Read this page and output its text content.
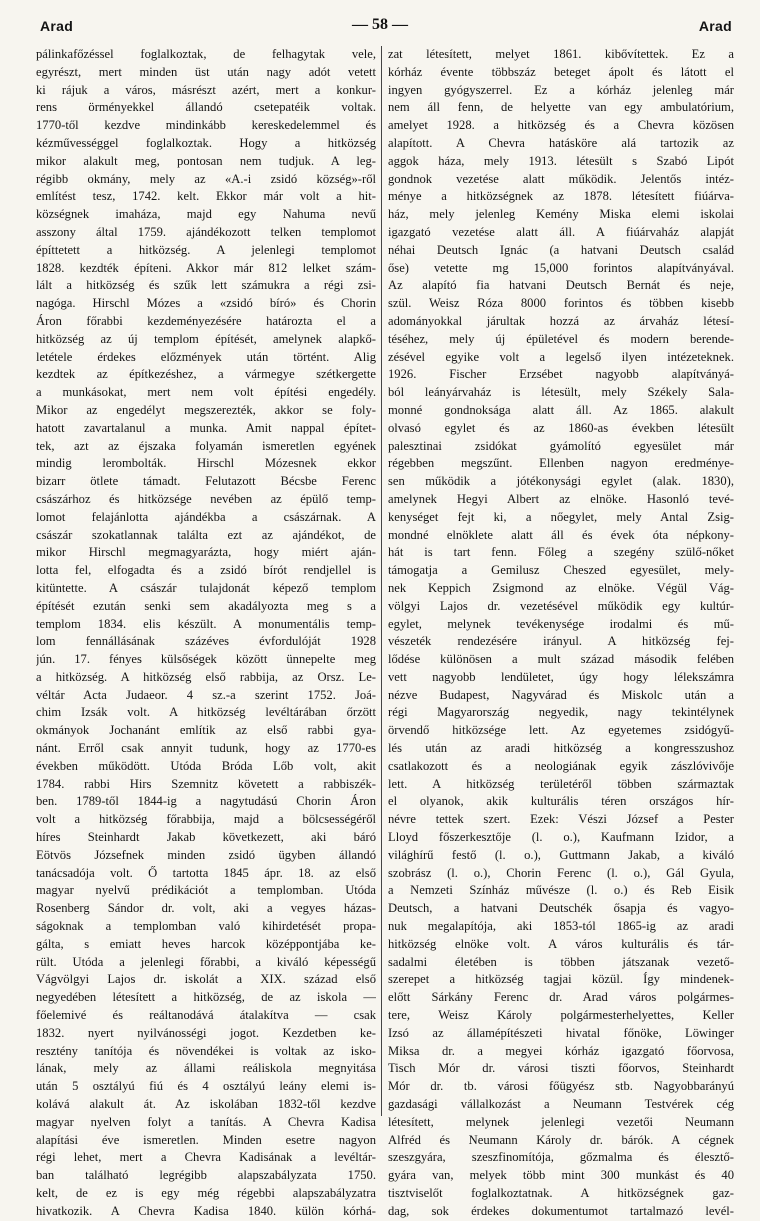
Arad	— 58 —	Arad
pálinkafőzéssel foglalkoztak, de felhagytak vele,
egyrészt, mert minden üst után nagy adót vetett
ki rájuk a város, másrészt azért, mert a konkur-
rens örményekkel állandó csetepatéik voltak.
1770-től kezdve mindinkább kereskedelemmel és
kézművességgel foglalkoztak. Hogy a hitközség
mikor alakult meg, pontosan nem tudjuk. A leg-
régibb okmány, mely az «A.-i zsidó község»-ről
említést tesz, 1742. kelt. Ekkor már volt a hit-
községnek imaháza, majd egy Nahuma nevű
asszony által 1759. ajándékozott telken templomot
építtetett a hitközség. A jelenlegi templomot
1828. kezdték építeni. Akkor már 812 lelket szám-
lált a hitközség és szűk lett számukra a régi zsi-
nagóga. Hirschl Mózes a «zsidó bíró» és Chorin
Áron főrabbi kezdeményezésére határozta el a
hitközség az új templom építését, amelynek alapkő-
letétele érdekes előzmények után történt. Alig
kezdtek az építkezéshez, a vármegye szétkergette
a munkásokat, mert nem volt építési engedély.
Mikor az engedélyt megszerezték, akkor se foly-
hatott zavartalanul a munka. Amit nappal építet-
tek, azt az éjszaka folyamán ismeretlen egyének
mindig lerombolták. Hirschl Mózesnek ekkor
bizarr ötlete támadt. Felutazott Bécsbe Ferenc
császárhoz és hitközsége nevében az épülő temp-
lomot felajánlotta ajándékba a császárnak. A
császár szokatlannak találta ezt az ajándékot, de
mikor Hirschl megmagyarázta, hogy miért aján-
lotta fel, elfogadta és a zsidó bírót rendjellel is
kitüntette. A császár tulajdonát képező templom
építését ezután senki sem akadályozta meg s a
templom 1834. elis készült. A monumentális temp-
lom fennállásának százéves évfordulóját 1928
jún. 17. fényes külsőségek között ünnepelte meg
a hitközség. A hitközség első rabbija, az Orsz. Le-
véltár Acta Judaeor. 4 sz.-a szerint 1752. Joá-
chim Izsák volt. A hitközség levéltárában őrzött
okmányok Jochanánt említik az első rabbi gya-
nánt. Erről csak annyit tudunk, hogy az 1770-es
években működött. Utóda Bróda Lőb volt, akit
1784. rabbi Hirs Szemnitz követett a rabbiszék-
ben. 1789-től 1844-ig a nagytudású Chorin Áron
volt a hitközség főrabbija, majd a bölcsességéről
híres Steinhardt Jakab következett, aki báró
Eötvös Józsefnek minden zsidó ügyben állandó
tanácsadója volt. Ő tartotta 1845 ápr. 18. az első
magyar nyelvű prédikációt a templomban. Utóda
Rosenberg Sándor dr. volt, aki a vegyes házas-
ságoknak a templomban való kihirdetését propa-
gálta, s emiatt heves harcok középpontjába ke-
rült. Utóda a jelenlegi főrabbi, a kiváló képességű
Vágvölgyi Lajos dr. iskolát a XIX. század első
negyedében létesített a hitközség, de az iskola —
főelemivé és reáltanodává átalakítva — csak
1832. nyert nyilvánosségi jogot. Kezdetben ke-
resztény tanítója és növendékei is voltak az isko-
lának, mely az állami reáliskola megnyitása
után 5 osztályú fiú és 4 osztályú leány elemi is-
kolává alakult át. Az iskolában 1832-től kezdve
magyar nyelven folyt a tanítás. A Chevra Kadisa
alapítási éve ismeretlen. Minden esetre nagyon
régi lehet, mert a Chevra Kadisának a levéltár-
ban található legrégibb alapszabályzata 1750.
kelt, de ez is egy még régebbi alapszabályzatra
hivatkozik. A Chevra Kadisa 1840. külön kórhá-
zat létesített, melyet 1861. kibővítettek. Ez a
kórház évente többszáz beteget ápolt és látott el
ingyen gyógyszerrel. Ez a kórház jelenleg már
nem áll fenn, de helyette van egy ambulatórium,
amelyet 1928. a hitközség és a Chevra közösen
alapított. A Chevra hatásköre alá tartozik az
aggok háza, mely 1913. létesült s Szabó Lipót
gondnok vezetése alatt működik. Jelentős intéz-
ménye a hitközségnek az 1878. létesített fiúárva-
ház, mely jelenleg Kemény Miska elemi iskolai
igazgató vezetése alatt áll. A fiúárvaház alapját
néhai Deutsch Ignác (a hatvani Deutsch család
őse) vetette mg 15,000 forintos alapítványával.
Az alapító fia hatvani Deutsch Bernát és neje,
szül. Weisz Róza 8000 forintos és többen kisebb
adományokkal járultak hozzá az árvaház létesí-
téséhez, mely új épületével és modern berende-
zésével egyike volt a legelső ilyen intézeteknek.
1926. Fischer Erzsébet nagyobb alapítványá-
ból leányárvaház is létesült, mely Székely Sala-
monné gondnoksága alatt áll. Az 1865. alakult
olvasó egylet és az 1860-as években létesült
palesztinai zsidókat gyámolító egyesület már
régebben megszűnt. Ellenben nagyon eredménye-
sen működik a jótékonysági egylet (alak. 1830),
amelynek Hegyi Albert az elnöke. Hasonló tevé-
kenységet fejt ki, a nőegylet, mely Antal Zsig-
mondné elnöklete alatt áll és évek óta népkony-
hát is tart fenn. Főleg a szegény szülő-nőket
támogatja a Gemilusz Cheszed egyesület, mely-
nek Keppich Zsigmond az elnöke. Végül Vág-
völgyi Lajos dr. vezetésével működik egy kultúr-
egylet, melynek tevékenysége irodalmi és mű-
vészeték rendezésére irányul. A hitközség fej-
lődése különösen a mult század második felében
vett nagyobb lendületet, úgy hogy lélekszámra
nézve Budapest, Nagyvárad és Miskolc után a
régi Magyarország negyedik, nagy tekintélynek
örvendő hitközsége lett. Az egyetemes zsidógyű-
lés után az aradi hitközség a kongresszushoz
csatlakozott és a neologiának egyik zászlóvivője
lett. A hitközség területéről többen származtak
el olyanok, akik kulturális téren országos hír-
névre tettek szert. Ezek: Vészi József a Pester
Lloyd főszerkesztője (l. o.), Kaufmann Izidor, a
világhírű festő (l. o.), Guttmann Jakab, a kiváló
szobrász (l. o.), Chorin Ferenc (l. o.), Gál Gyula,
a Nemzeti Színház művésze (l. o.) és Reb Eisik
Deutsch, a hatvani Deutschék ősapja és vagyo-
nuk megalapítója, aki 1853-tól 1865-ig az aradi
hitközség elnöke volt. A város kulturális és tár-
sadalmi életében is többen játszanak vezető-
szerepet a hitközség tagjai közül. Így mindenek-
előtt Sárkány Ferenc dr. Arad város polgármes-
tere, Weisz Károly polgármesterhelyettes, Keller
Izsó az államépítészeti hivatal főnöke, Löwinger
Miksa dr. a megyei kórház igazgató főorvosa,
Tisch Mór dr. városi tiszti főorvos, Steinhardt
Mór dr. tb. városi főügyész stb. Nagyobbarányú
gazdasági vállalkozást a Neumann Testvérek cég
létesített, melynek jelenlegi vezetői Neumann
Alfréd és Neumann Károly dr. bárók. A cégnek
szeszgyára, szeszfinomítója, gőzmalma és élesztő-
gyára van, melyek több mint 300 munkást és 40
tisztviselőt foglalkoztatnak. A hitközségnek gaz-
dag, sok érdekes dokumentumot tartalmazó levél-
